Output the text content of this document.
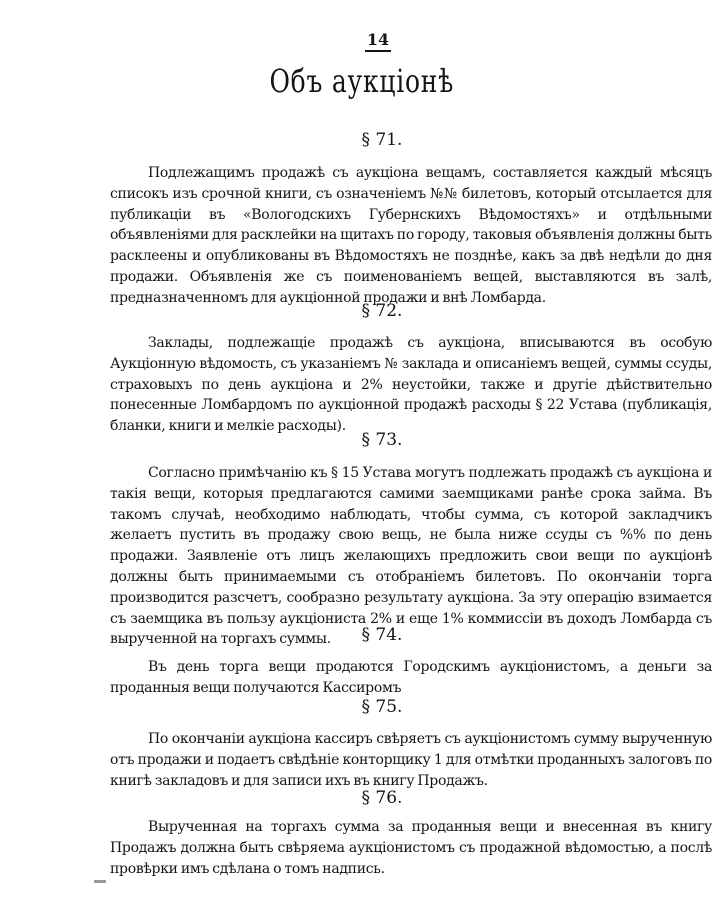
14
Объ аукціонѣ
§ 71.
Подлежащимъ продажѣ съ аукціона вещамъ, составляется каждый мѣсяцъ списокъ изъ срочной книги, съ означеніемъ №№ билетовъ, который отсылается для публикаціи въ «Вологодскихъ Губернскихъ Вѣдомостяхъ» и отдѣльными объявленіями для расклейки на щитахъ по городу, таковыя объявленія должны быть расклеены и опубликованы въ Вѣдомостяхъ не позднѣе, какъ за двѣ недѣли до дня продажи. Объявленія же съ поименованіемъ вещей, выставляются въ залѣ, предназначенномъ для аукціонной продажи и внѣ Ломбарда.
§ 72.
Заклады, подлежащіе продажѣ съ аукціона, вписываются въ особую Аукціонную вѣдомость, съ указаніемъ № заклада и описаніемъ вещей, суммы ссуды, страховыхъ по день аукціона и 2% неустойки, также и другіе дѣйствительно понесенные Ломбардомъ по аукціонной продажѣ расходы § 22 Устава (публикація, бланки, книги и мелкіе расходы).
§ 73.
Согласно примѣчанію къ § 15 Устава могутъ подлежать продажѣ съ аукціона и такія вещи, которыя предлагаются самими заемщиками ранѣе срока займа. Въ такомъ случаѣ, необходимо наблюдать, чтобы сумма, съ которой закладчикъ желаетъ пустить въ продажу свою вещь, не была ниже ссуды съ %% по день продажи. Заявленіе отъ лицъ желающихъ предложить свои вещи по аукціонѣ должны быть принимаемыми съ отобраніемъ билетовъ. По окончаніи торга производится разсчетъ, сообразно результату аукціона. За эту операцію взимается съ заемщика въ пользу аукціониста 2% и еще 1% коммиссіи въ доходъ Ломбарда съ вырученной на торгахъ суммы.	§ 74.
Въ день торга вещи продаются Городскимъ аукціонистомъ, а деньги за проданныя вещи получаются Кассиромъ
§ 75.
По окончаніи аукціона кассиръ свѣряетъ съ аукціонистомъ сумму вырученную отъ продажи и подаетъ свѣдѣніе конторщику 1 для отмѣтки проданныхъ залоговъ по книгѣ закладовъ и для записи ихъ въ книгу Продажъ.
§ 76.
Вырученная на торгахъ сумма за проданныя вещи и внесенная въ книгу Продажъ должна быть свѣряема аукціонистомъ съ продажной вѣдомостью, а послѣ провѣрки имъ сдѣлана о томъ надпись.
